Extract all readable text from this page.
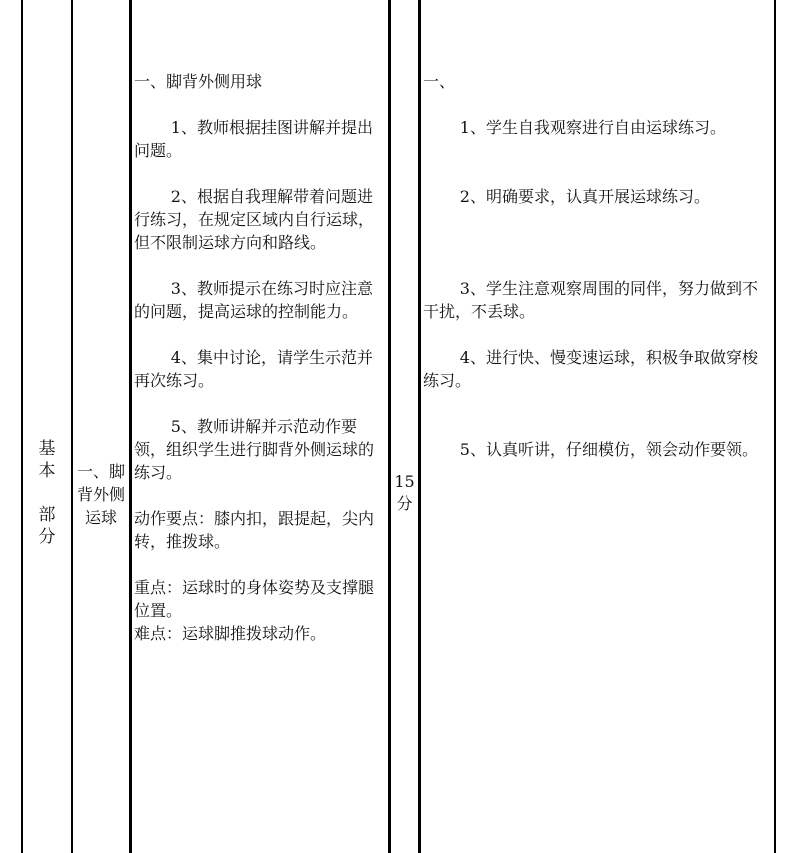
基
本
部
分
一、脚
背外侧
运球

一、脚背外侧用球

1、教师根据挂图讲解并提出问题。

2、根据自我理解带着问题进行练习，在规定区域内自行运球，但不限制运球方向和路线。

3、教师提示在练习时应注意的问题，提高运球的控制能力。

4、集中讨论，请学生示范并再次练习。

5、教师讲解并示范动作要领，组织学生进行脚背外侧运球的练习。

动作要点：膝内扣，跟提起，尖内转，推拨球。

重点：运球时的身体姿势及支撑腿位置。

难点：运球脚推拨球动作。

15
分

一、

1、学生自我观察进行自由运球练习。

2、明确要求，认真开展运球练习。

3、学生注意观察周围的同伴，努力做到不干扰，不丢球。

4、进行快、慢变速运球，积极争取做穿梭练习。

5、认真听讲，仔细模仿，领会动作要领。
